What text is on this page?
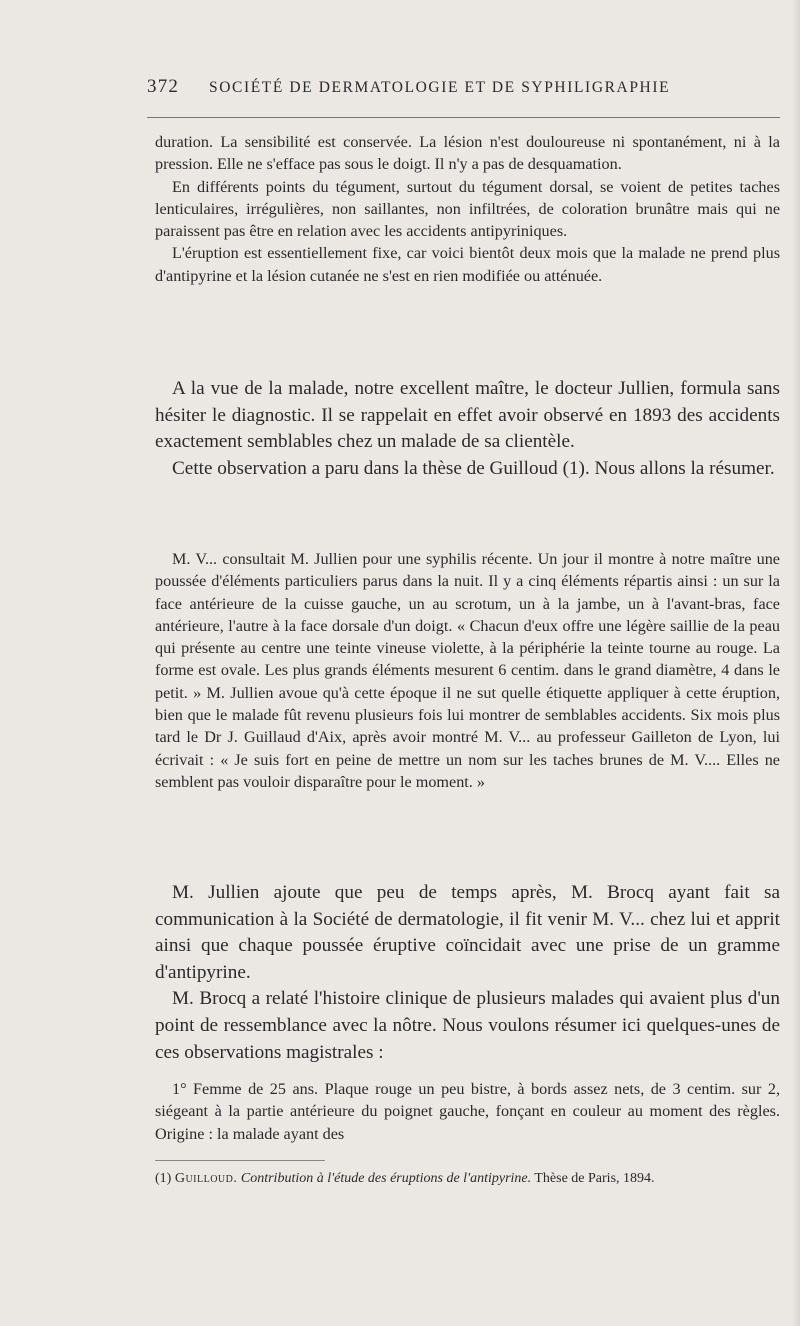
372	SOCIÉTÉ DE DERMATOLOGIE ET DE SYPHILIGRAPHIE

duration. La sensibilité est conservée. La lésion n'est douloureuse ni spontanément, ni à la pression. Elle ne s'efface pas sous le doigt. Il n'y a pas de desquamation.

En différents points du tégument, surtout du tégument dorsal, se voient de petites taches lenticulaires, irrégulières, non saillantes, non infiltrées, de coloration brunâtre mais qui ne paraissent pas être en relation avec les accidents antipyriniques.

L'éruption est essentiellement fixe, car voici bientôt deux mois que la malade ne prend plus d'antipyrine et la lésion cutanée ne s'est en rien modifiée ou atténuée.

A la vue de la malade, notre excellent maître, le docteur Jullien, formula sans hésiter le diagnostic. Il se rappelait en effet avoir observé en 1893 des accidents exactement semblables chez un malade de sa clientèle.

Cette observation a paru dans la thèse de Guilloud (1). Nous allons la résumer.

M. V... consultait M. Jullien pour une syphilis récente. Un jour il montre à notre maître une poussée d'éléments particuliers parus dans la nuit. Il y a cinq éléments répartis ainsi : un sur la face antérieure de la cuisse gauche, un au scrotum, un à la jambe, un à l'avant-bras, face antérieure, l'autre à la face dorsale d'un doigt. « Chacun d'eux offre une légère saillie de la peau qui présente au centre une teinte vineuse violette, à la périphérie la teinte tourne au rouge. La forme est ovale. Les plus grands éléments mesurent 6 centim. dans le grand diamètre, 4 dans le petit. » M. Jullien avoue qu'à cette époque il ne sut quelle étiquette appliquer à cette éruption, bien que le malade fût revenu plusieurs fois lui montrer de semblables accidents. Six mois plus tard le Dr J. Guillaud d'Aix, après avoir montré M. V... au professeur Gailleton de Lyon, lui écrivait : « Je suis fort en peine de mettre un nom sur les taches brunes de M. V.... Elles ne semblent pas vouloir disparaître pour le moment. »

M. Jullien ajoute que peu de temps après, M. Brocq ayant fait sa communication à la Société de dermatologie, il fit venir M. V... chez lui et apprit ainsi que chaque poussée éruptive coïncidait avec une prise de un gramme d'antipyrine.

M. Brocq a relaté l'histoire clinique de plusieurs malades qui avaient plus d'un point de ressemblance avec la nôtre. Nous voulons résumer ici quelques-unes de ces observations magistrales :

1° Femme de 25 ans. Plaque rouge un peu bistre, à bords assez nets, de 3 centim. sur 2, siégeant à la partie antérieure du poignet gauche, fonçant en couleur au moment des règles. Origine : la malade ayant des

(1) Guilloud. Contribution à l'étude des éruptions de l'antipyrine. Thèse de Paris, 1894.
